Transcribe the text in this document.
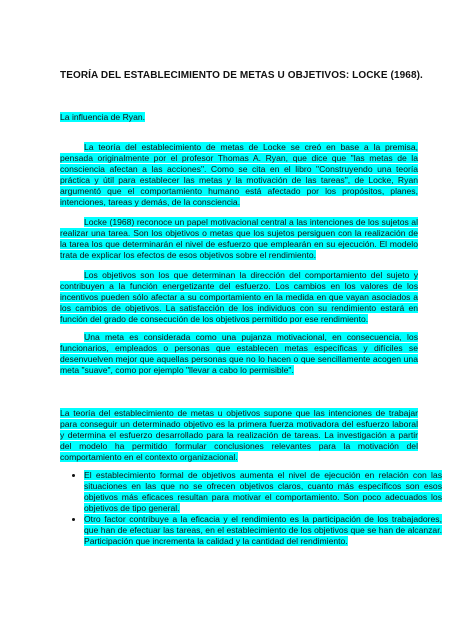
TEORÍA DEL ESTABLECIMIENTO DE METAS U OBJETIVOS: LOCKE (1968).
La influencia de Ryan.

La teoría del establecimiento de metas de Locke se creó en base a la premisa, pensada originalmente por el profesor Thomas A. Ryan, que dice que "las metas de la consciencia afectan a las acciones". Como se cita en el libro "Construyendo una teoría práctica y útil para establecer las metas y la motivación de las tareas", de Locke, Ryan argumentó que el comportamiento humano está afectado por los propósitos, planes, intenciones, tareas y demás, de la consciencia.

Locke (1968) reconoce un papel motivacional central a las intenciones de los sujetos al realizar una tarea. Son los objetivos o metas que los sujetos persiguen con la realización de la tarea los que determinarán el nivel de esfuerzo que emplearán en su ejecución. El modelo trata de explicar los efectos de esos objetivos sobre el rendimiento.

Los objetivos son los que determinan la dirección del comportamiento del sujeto y contribuyen a la función energetizante del esfuerzo. Los cambios en los valores de los incentivos pueden sólo afectar a su comportamiento en la medida en que vayan asociados a los cambios de objetivos. La satisfacción de los individuos con su rendimiento estará en función del grado de consecución de los objetivos permitido por ese rendimiento.

Una meta es considerada como una pujanza motivacional, en consecuencia, los funcionarios, empleados o personas que establecen metas específicas y difíciles se desenvuelven mejor que aquellas personas que no lo hacen o que sencillamente acogen una meta "suave", como por ejemplo "llevar a cabo lo permisible".

La teoría del establecimiento de metas u objetivos supone que las intenciones de trabajar para conseguir un determinado objetivo es la primera fuerza motivadora del esfuerzo laboral y determina el esfuerzo desarrollado para la realización de tareas. La investigación a partir del modelo ha permitido formular conclusiones relevantes para la motivación del comportamiento en el contexto organizacional.

• El establecimiento formal de objetivos aumenta el nivel de ejecución en relación con las situaciones en las que no se ofrecen objetivos claros, cuanto más específicos son esos objetivos más eficaces resultan para motivar el comportamiento. Son poco adecuados los objetivos de tipo general.
• Otro factor contribuye a la eficacia y el rendimiento es la participación de los trabajadores, que han de efectuar las tareas, en el establecimiento de los objetivos que se han de alcanzar. Participación que incrementa la calidad y la cantidad del rendimiento.
